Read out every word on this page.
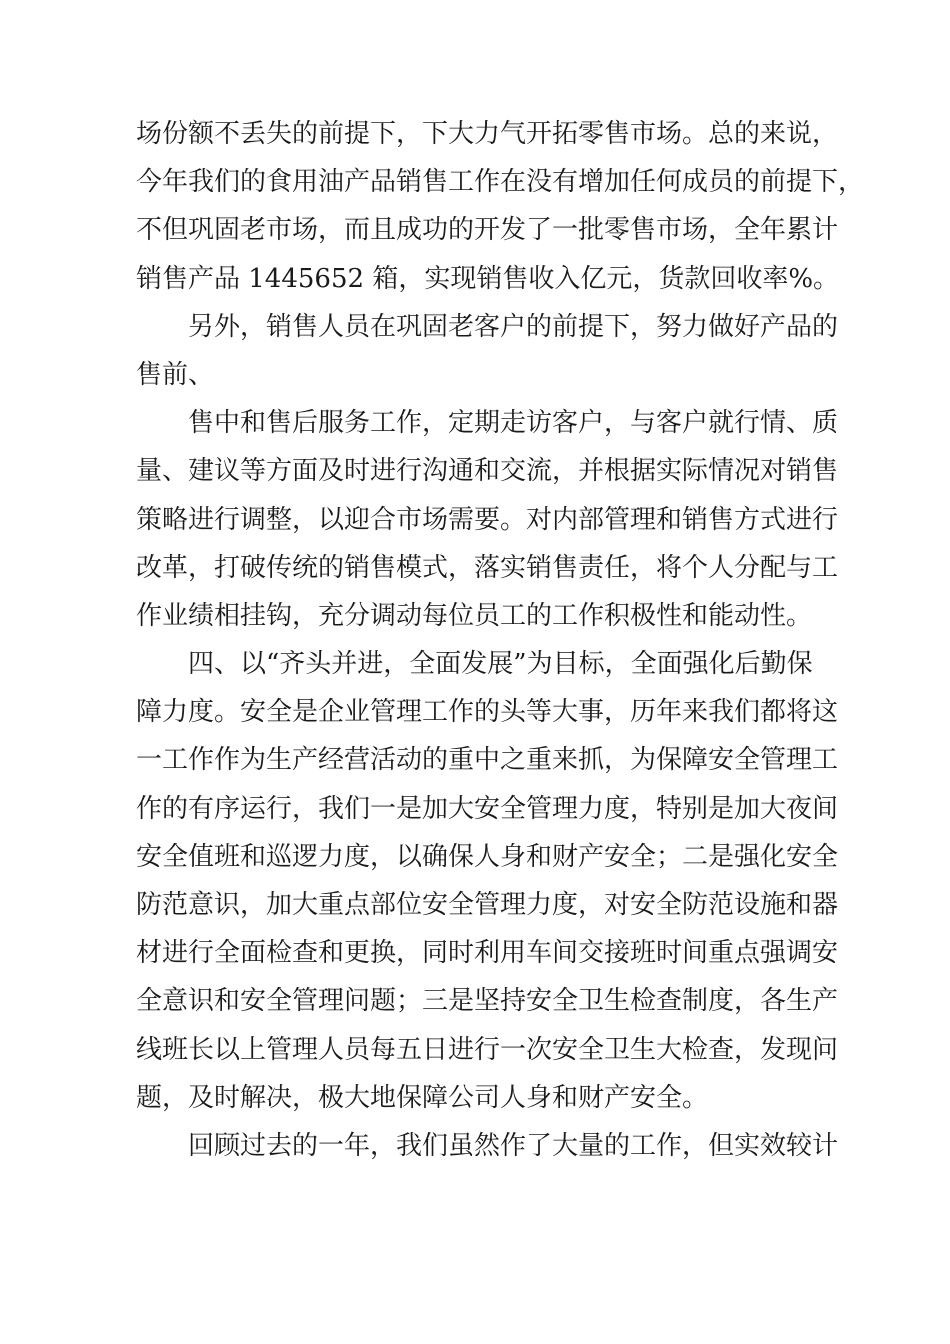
场份额不丢失的前提下，下大力气开拓零售市场。总的来说，
今年我们的食用油产品销售工作在没有增加任何成员的前提下，
不但巩固老市场，而且成功的开发了一批零售市场，全年累计
销售产品 1445652 箱，实现销售收入亿元，货款回收率%。
另外，销售人员在巩固老客户的前提下，努力做好产品的
售前、
售中和售后服务工作，定期走访客户，与客户就行情、质
量、建议等方面及时进行沟通和交流，并根据实际情况对销售
策略进行调整，以迎合市场需要。对内部管理和销售方式进行
改革，打破传统的销售模式，落实销售责任，将个人分配与工
作业绩相挂钩，充分调动每位员工的工作积极性和能动性。
四、以“齐头并进，全面发展”为目标，全面强化后勤保
障力度。安全是企业管理工作的头等大事，历年来我们都将这
一工作作为生产经营活动的重中之重来抓，为保障安全管理工
作的有序运行，我们一是加大安全管理力度，特别是加大夜间
安全值班和巡逻力度，以确保人身和财产安全；二是强化安全
防范意识，加大重点部位安全管理力度，对安全防范设施和器
材进行全面检查和更换，同时利用车间交接班时间重点强调安
全意识和安全管理问题；三是坚持安全卫生检查制度，各生产
线班长以上管理人员每五日进行一次安全卫生大检查，发现问
题，及时解决，极大地保障公司人身和财产安全。
回顾过去的一年，我们虽然作了大量的工作，但实效较计
